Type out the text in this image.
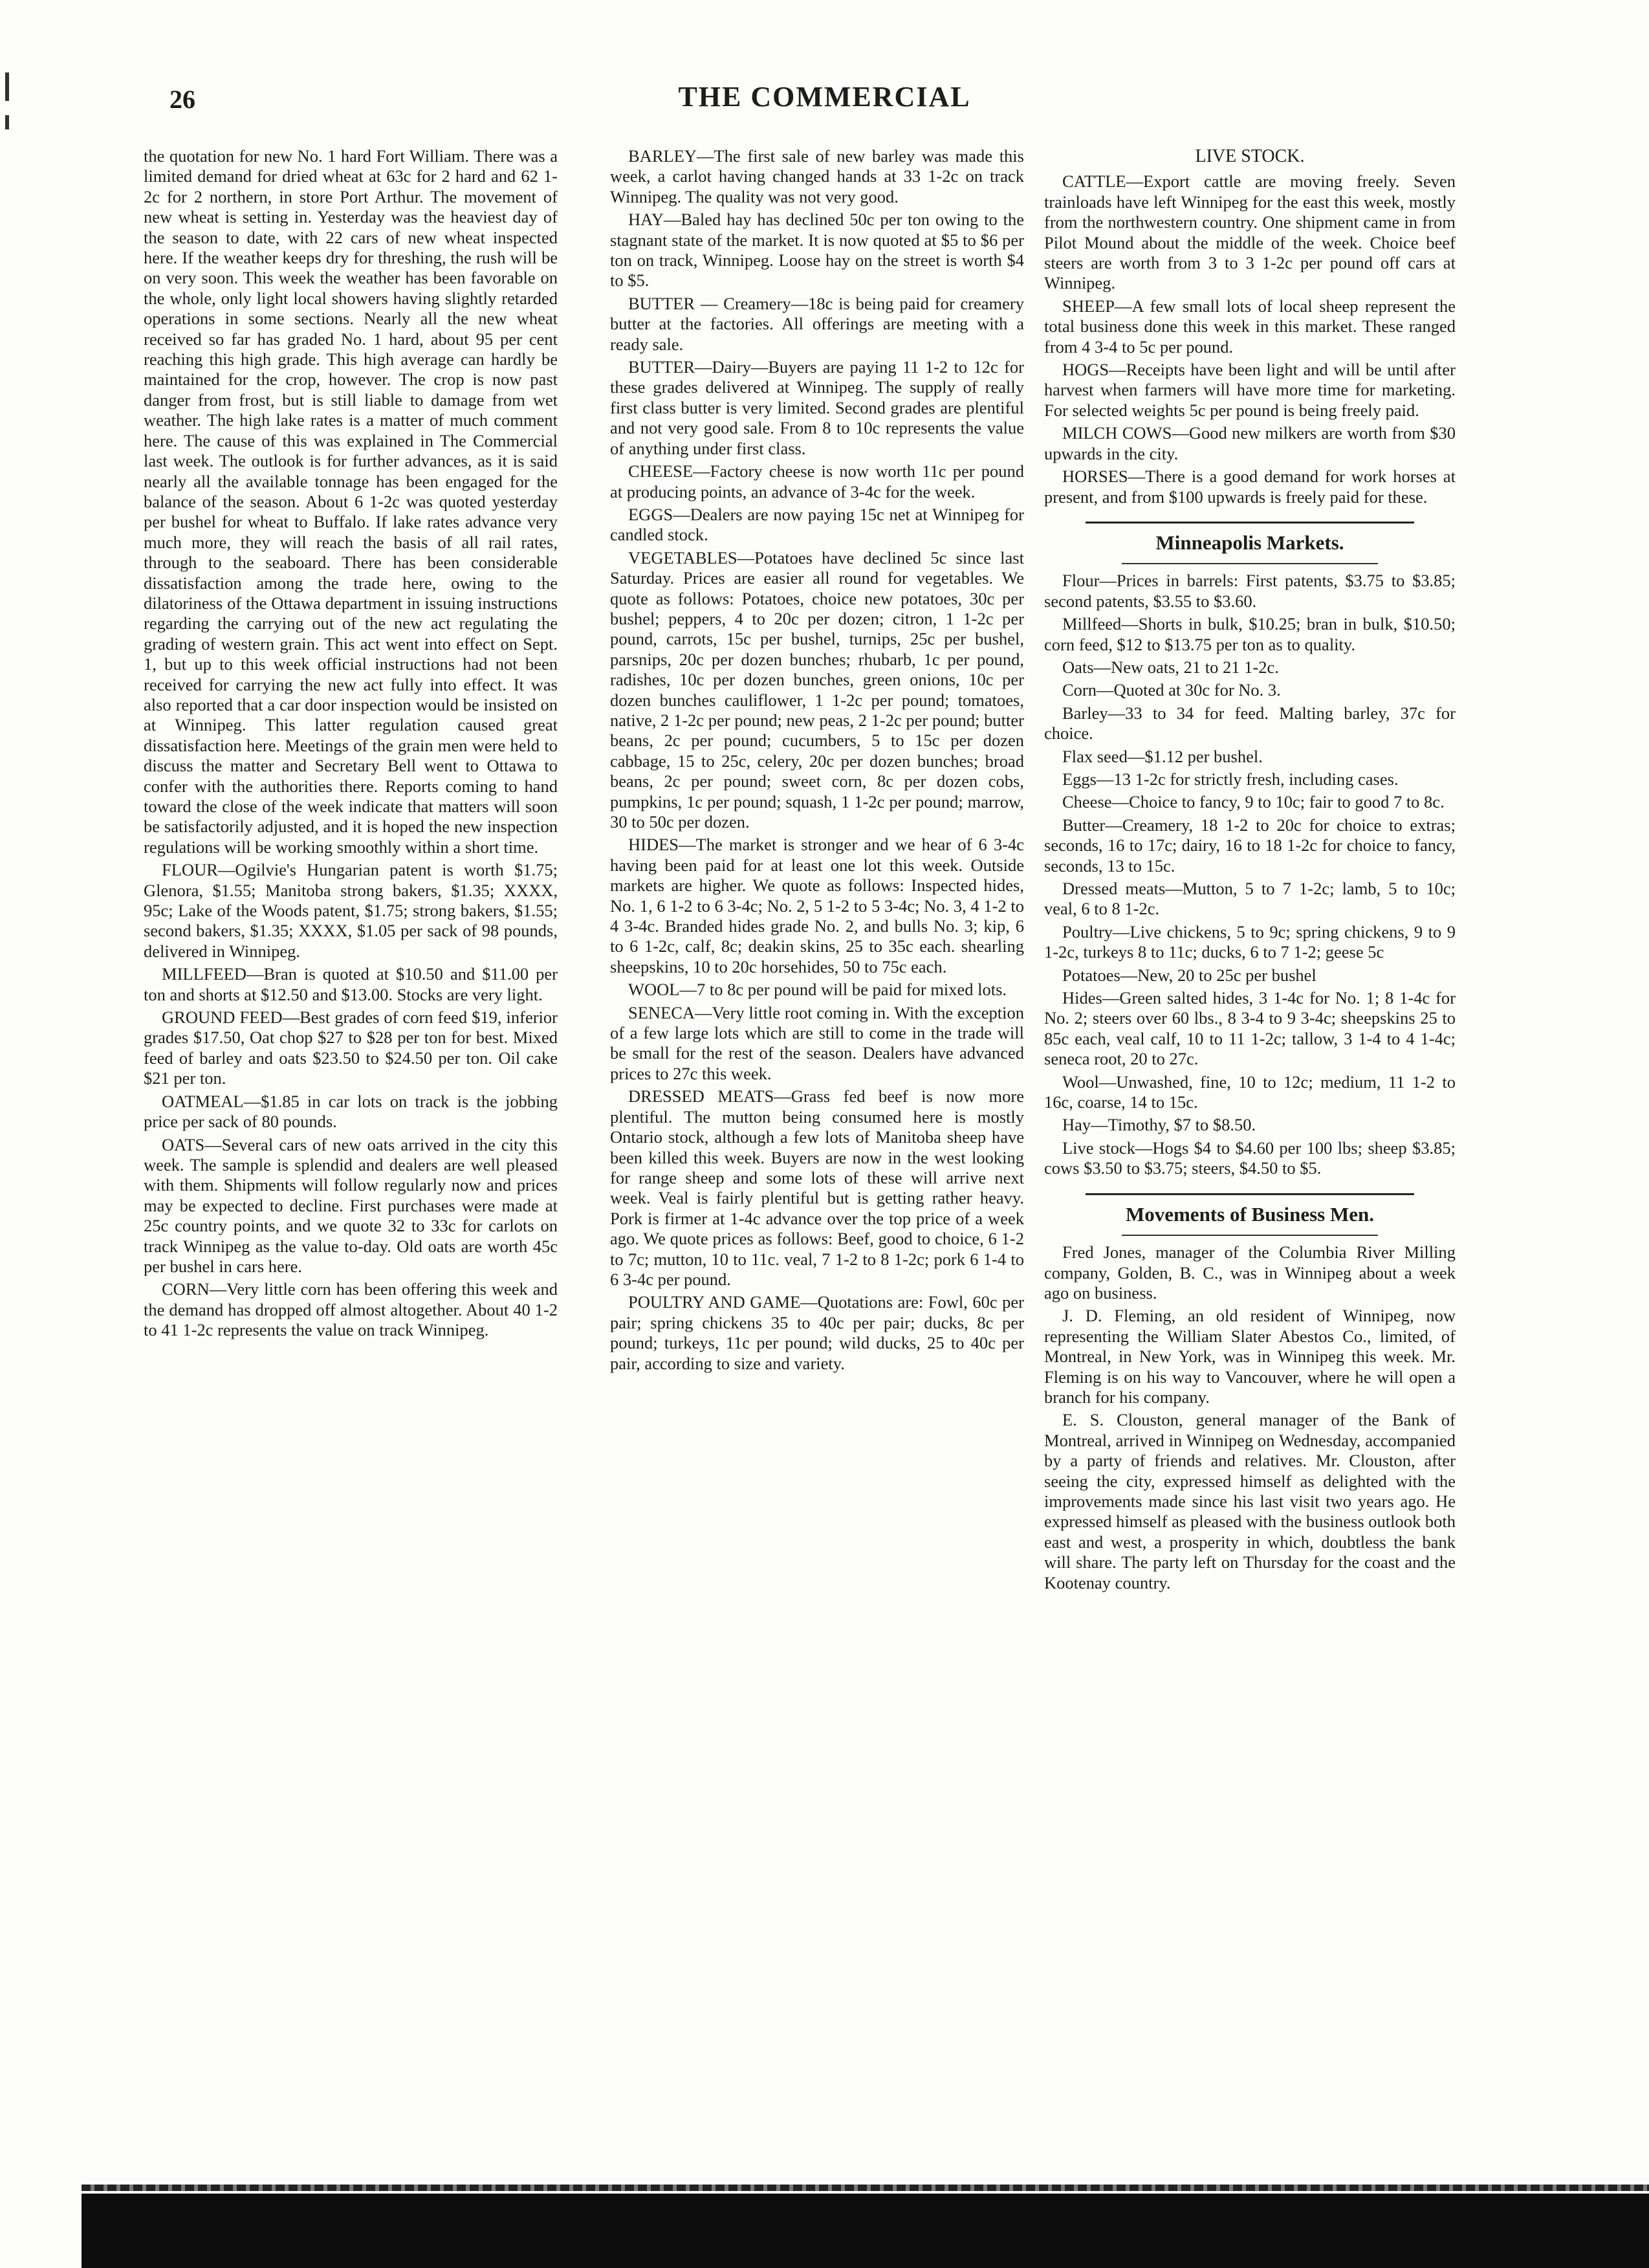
26	THE COMMERCIAL

the quotation for new No. 1 hard Fort William. There was a limited demand for dried wheat at 63c for 2 hard and 62 1-2c for 2 northern, in store Port Arthur. The movement of new wheat is setting in. Yesterday was the heaviest day of the season to date, with 22 cars of new wheat inspected here. If the weather keeps dry for threshing, the rush will be on very soon. This week the weather has been favorable on the whole, only light local showers having slightly retarded operations in some sections. Nearly all the new wheat received so far has graded No. 1 hard, about 95 per cent reaching this high grade. This high average can hardly be maintained for the crop, however. The crop is now past danger from frost, but is still liable to damage from wet weather. The high lake rates is a matter of much comment here. The cause of this was explained in The Commercial last week. The outlook is for further advances, as it is said nearly all the available tonnage has been engaged for the balance of the season. About 6 1-2c was quoted yesterday per bushel for wheat to Buffalo. If lake rates advance very much more, they will reach the basis of all rail rates, through to the seaboard. There has been considerable dissatisfaction among the trade here, owing to the dilatoriness of the Ottawa department in issuing instructions regarding the carrying out of the new act regulating the grading of western grain. This act went into effect on Sept. 1, but up to this week official instructions had not been received for carrying the new act fully into effect. It was also reported that a car door inspection would be insisted on at Winnipeg. This latter regulation caused great dissatisfaction here. Meetings of the grain men were held to discuss the matter and Secretary Bell went to Ottawa to confer with the authorities there. Reports coming to hand toward the close of the week indicate that matters will soon be satisfactorily adjusted, and it is hoped the new inspection regulations will be working smoothly within a short time.

FLOUR—Ogilvie's Hungarian patent is worth $1.75; Glenora, $1.55; Manitoba strong bakers, $1.35; XXXX, 95c; Lake of the Woods patent, $1.75; strong bakers, $1.55; second bakers, $1.35; XXXX, $1.05 per sack of 98 pounds, delivered in Winnipeg.

MILLFEED—Bran is quoted at $10.50 and $11.00 per ton and shorts at $12.50 and $13.00. Stocks are very light.

GROUND FEED—Best grades of corn feed $19, inferior grades $17.50, Oat chop $27 to $28 per ton for best. Mixed feed of barley and oats $23.50 to $24.50 per ton. Oil cake $21 per ton.

OATMEAL—$1.85 in car lots on track is the jobbing price per sack of 80 pounds.

OATS—Several cars of new oats arrived in the city this week. The sample is splendid and dealers are well pleased with them. Shipments will follow regularly now and prices may be expected to decline. First purchases were made at 25c country points, and we quote 32 to 33c for carlots on track Winnipeg as the value to-day. Old oats are worth 45c per bushel in cars here.

CORN—Very little corn has been offering this week and the demand has dropped off almost altogether. About 40 1-2 to 41 1-2c represents the value on track Winnipeg.

BARLEY—The first sale of new barley was made this week, a carlot having changed hands at 33 1-2c on track Winnipeg. The quality was not very good.

HAY—Baled hay has declined 50c per ton owing to the stagnant state of the market. It is now quoted at $5 to $6 per ton on track, Winnipeg. Loose hay on the street is worth $4 to $5.

BUTTER — Creamery—18c is being paid for creamery butter at the factories. All offerings are meeting with a ready sale.

BUTTER—Dairy—Buyers are paying 11 1-2 to 12c for these grades delivered at Winnipeg. The supply of really first class butter is very limited. Second grades are plentiful and not very good sale. From 8 to 10c represents the value of anything under first class.

CHEESE—Factory cheese is now worth 11c per pound at producing points, an advance of 3-4c for the week.

EGGS—Dealers are now paying 15c net at Winnipeg for candled stock.

VEGETABLES—Potatoes have declined 5c since last Saturday. Prices are easier all round for vegetables. We quote as follows: Potatoes, choice new potatoes, 30c per bushel; peppers, 4 to 20c per dozen; citron, 1 1-2c per pound, carrots, 15c per bushel, turnips, 25c per bushel, parsnips, 20c per dozen bunches; rhubarb, 1c per pound, radishes, 10c per dozen bunches, green onions, 10c per dozen bunches cauliflower, 1 1-2c per pound; tomatoes, native, 2 1-2c per pound; new peas, 2 1-2c per pound; butter beans, 2c per pound; cucumbers, 5 to 15c per dozen cabbage, 15 to 25c, celery, 20c per dozen bunches; broad beans, 2c per pound; sweet corn, 8c per dozen cobs, pumpkins, 1c per pound; squash, 1 1-2c per pound; marrow, 30 to 50c per dozen.

HIDES—The market is stronger and we hear of 6 3-4c having been paid for at least one lot this week. Outside markets are higher. We quote as follows: Inspected hides, No. 1, 6 1-2 to 6 3-4c; No. 2, 5 1-2 to 5 3-4c; No. 3, 4 1-2 to 4 3-4c. Branded hides grade No. 2, and bulls No. 3; kip, 6 to 6 1-2c, calf, 8c; deakin skins, 25 to 35c each. shearling sheepskins, 10 to 20c horsehides, 50 to 75c each.

WOOL—7 to 8c per pound will be paid for mixed lots.

SENECA—Very little root coming in. With the exception of a few large lots which are still to come in the trade will be small for the rest of the season. Dealers have advanced prices to 27c this week.

DRESSED MEATS—Grass fed beef is now more plentiful. The mutton being consumed here is mostly Ontario stock, although a few lots of Manitoba sheep have been killed this week. Buyers are now in the west looking for range sheep and some lots of these will arrive next week. Veal is fairly plentiful but is getting rather heavy. Pork is firmer at 1-4c advance over the top price of a week ago. We quote prices as follows: Beef, good to choice, 6 1-2 to 7c; mutton, 10 to 11c. veal, 7 1-2 to 8 1-2c; pork 6 1-4 to 6 3-4c per pound.

POULTRY AND GAME—Quotations are: Fowl, 60c per pair; spring chickens 35 to 40c per pair; ducks, 8c per pound; turkeys, 11c per pound; wild ducks, 25 to 40c per pair, according to size and variety.

LIVE STOCK.

CATTLE—Export cattle are moving freely. Seven trainloads have left Winnipeg for the east this week, mostly from the northwestern country. One shipment came in from Pilot Mound about the middle of the week. Choice beef steers are worth from 3 to 3 1-2c per pound off cars at Winnipeg.

SHEEP—A few small lots of local sheep represent the total business done this week in this market. These ranged from 4 3-4 to 5c per pound.

HOGS—Receipts have been light and will be until after harvest when farmers will have more time for marketing. For selected weights 5c per pound is being freely paid.

MILCH COWS—Good new milkers are worth from $30 upwards in the city.

HORSES—There is a good demand for work horses at present, and from $100 upwards is freely paid for these.

Minneapolis Markets.

Flour—Prices in barrels: First patents, $3.75 to $3.85; second patents, $3.55 to $3.60.

Millfeed—Shorts in bulk, $10.25; bran in bulk, $10.50; corn feed, $12 to $13.75 per ton as to quality.

Oats—New oats, 21 to 21 1-2c.

Corn—Quoted at 30c for No. 3.

Barley—33 to 34 for feed. Malting barley, 37c for choice.

Flax seed—$1.12 per bushel.

Eggs—13 1-2c for strictly fresh, including cases.

Cheese—Choice to fancy, 9 to 10c; fair to good 7 to 8c.

Butter—Creamery, 18 1-2 to 20c for choice to extras; seconds, 16 to 17c; dairy, 16 to 18 1-2c for choice to fancy, seconds, 13 to 15c.

Dressed meats—Mutton, 5 to 7 1-2c; lamb, 5 to 10c; veal, 6 to 8 1-2c.

Poultry—Live chickens, 5 to 9c; spring chickens, 9 to 9 1-2c, turkeys 8 to 11c; ducks, 6 to 7 1-2; geese 5c

Potatoes—New, 20 to 25c per bushel

Hides—Green salted hides, 3 1-4c for No. 1; 8 1-4c for No. 2; steers over 60 lbs., 8 3-4 to 9 3-4c; sheepskins 25 to 85c each, veal calf, 10 to 11 1-2c; tallow, 3 1-4 to 4 1-4c; seneca root, 20 to 27c.

Wool—Unwashed, fine, 10 to 12c; medium, 11 1-2 to 16c, coarse, 14 to 15c.

Hay—Timothy, $7 to $8.50.

Live stock—Hogs $4 to $4.60 per 100 lbs; sheep $3.85; cows $3.50 to $3.75; steers, $4.50 to $5.

Movements of Business Men.

Fred Jones, manager of the Columbia River Milling company, Golden, B. C., was in Winnipeg about a week ago on business.

J. D. Fleming, an old resident of Winnipeg, now representing the William Slater Abestos Co., limited, of Montreal, in New York, was in Winnipeg this week. Mr. Fleming is on his way to Vancouver, where he will open a branch for his company.

E. S. Clouston, general manager of the Bank of Montreal, arrived in Winnipeg on Wednesday, accompanied by a party of friends and relatives. Mr. Clouston, after seeing the city, expressed himself as delighted with the improvements made since his last visit two years ago. He expressed himself as pleased with the business outlook both east and west, a prosperity in which, doubtless the bank will share. The party left on Thursday for the coast and the Kootenay country.
